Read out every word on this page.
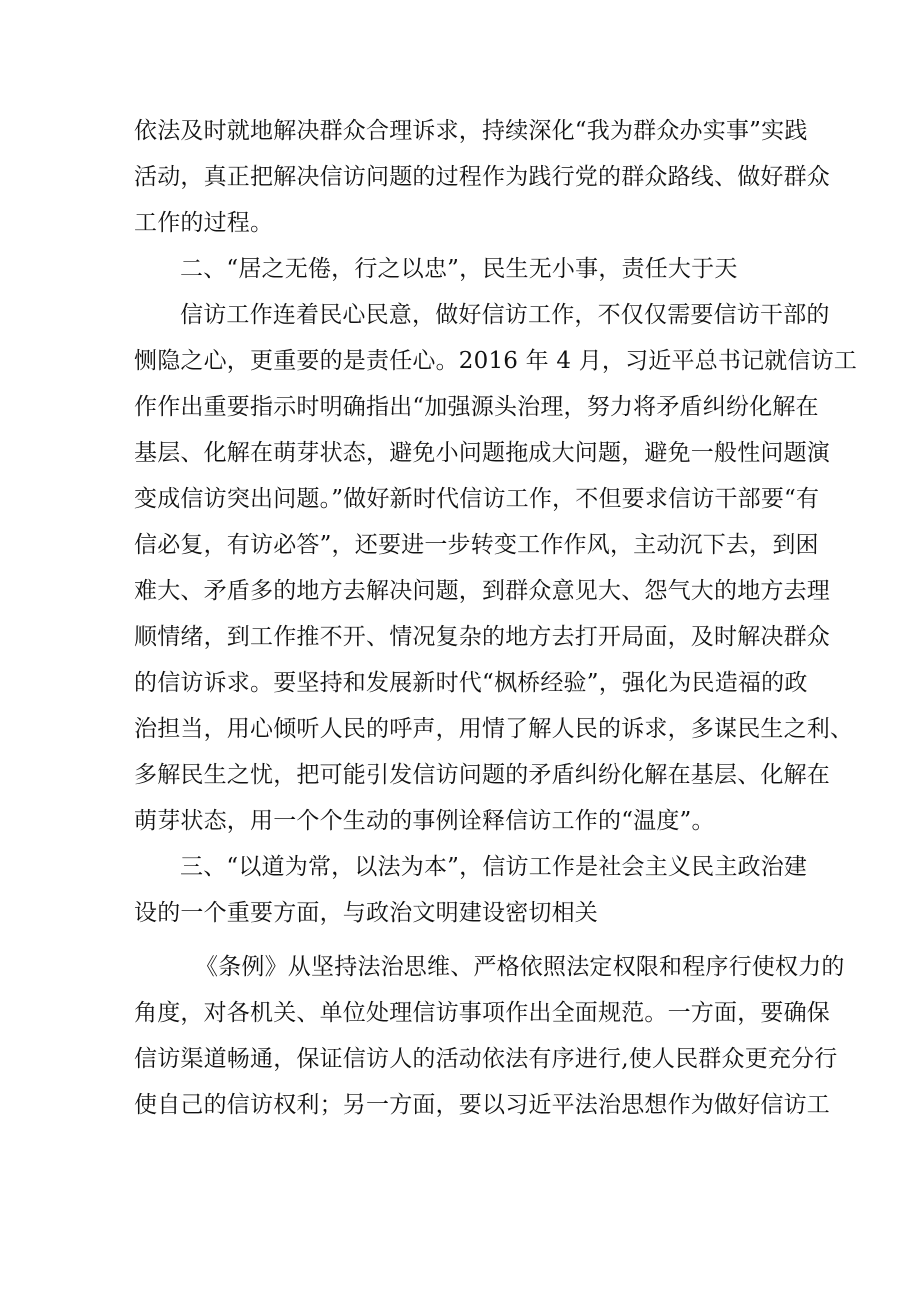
依法及时就地解决群众合理诉求，持续深化“我为群众办实事”实践
活动，真正把解决信访问题的过程作为践行党的群众路线、做好群众
工作的过程。
二、“居之无倦，行之以忠”，民生无小事，责任大于天
信访工作连着民心民意，做好信访工作，不仅仅需要信访干部的
恻隐之心，更重要的是责任心。2016 年 4 月，习近平总书记就信访工
作作出重要指示时明确指出“加强源头治理，努力将矛盾纠纷化解在
基层、化解在萌芽状态，避免小问题拖成大问题，避免一般性问题演
变成信访突出问题。”做好新时代信访工作，不但要求信访干部要“有
信必复，有访必答”，还要进一步转变工作作风，主动沉下去，到困
难大、矛盾多的地方去解决问题，到群众意见大、怨气大的地方去理
顺情绪，到工作推不开、情况复杂的地方去打开局面，及时解决群众
的信访诉求。要坚持和发展新时代“枫桥经验”，强化为民造福的政
治担当，用心倾听人民的呼声，用情了解人民的诉求，多谋民生之利、
多解民生之忧，把可能引发信访问题的矛盾纠纷化解在基层、化解在
萌芽状态，用一个个生动的事例诠释信访工作的“温度”。
三、“以道为常，以法为本”，信访工作是社会主义民主政治建
设的一个重要方面，与政治文明建设密切相关
《条例》从坚持法治思维、严格依照法定权限和程序行使权力的
角度，对各机关、单位处理信访事项作出全面规范。一方面，要确保
信访渠道畅通，保证信访人的活动依法有序进行,使人民群众更充分行
使自己的信访权利；另一方面，要以习近平法治思想作为做好信访工
